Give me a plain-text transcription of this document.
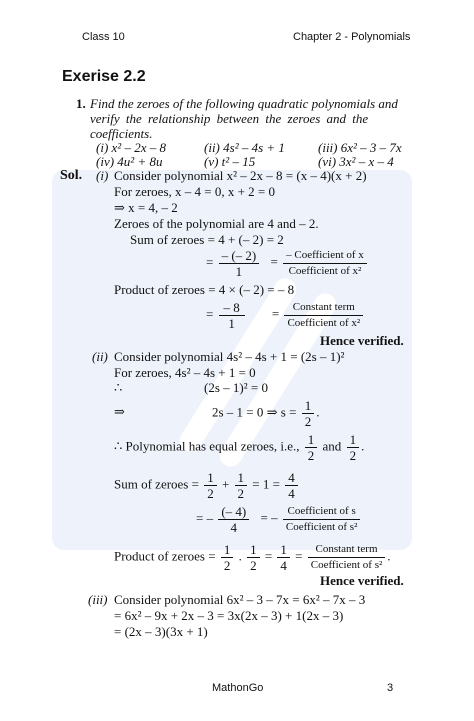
Class 10	Chapter 2 - Polynomials
Exerise 2.2
1. Find the zeroes of the following quadratic polynomials and
verify the relationship between the zeroes and the
coefficients.
(i) x² – 2x – 8	(ii) 4s² – 4s + 1	(iii) 6x² – 3 – 7x
(iv) 4u² + 8u	(v) t² – 15	(vi) 3x² – x – 4
Sol. (i) Consider polynomial x² – 2x – 8 = (x – 4)(x + 2)
For zeroes, x – 4 = 0, x + 2 = 0
⇒ x = 4, – 2
Zeroes of the polynomial are 4 and – 2.
Sum of zeroes = 4 + (– 2) = 2
= $\frac{- (- 2)}{1} = \frac{\text{– Coefficient of x}}{\text{Coefficient of x²}}$
Product of zeroes = 4 × (– 2) = – 8
= $\frac{- 8}{1} = \frac{\text{Constant term}}{\text{Coefficient of x²}}$
Hence verified.
(ii) Consider polynomial 4s² – 4s + 1 = (2s – 1)²
For zeroes, 4s² – 4s + 1 = 0
∴	(2s – 1)² = 0
⇒	2s – 1 = 0 ⇒ $s = \frac{1}{2}$ .
∴ Polynomial has equal zeroes, i.e., $\frac{1}{2}$ and $\frac{1}{2}$ .
Sum of zeroes = $\frac{1}{2} + \frac{1}{2} = 1 = \frac{4}{4}$
= – $\frac{(- 4)}{4}$ = – $\frac{\text{Coefficient of s}}{\text{Coefficient of s²}}$
Product of zeroes = $\frac{1}{2}$ . $\frac{1}{2} = \frac{1}{4} = \frac{\text{Constant term}}{\text{Coefficient of s²}}$ .
Hence verified.
(iii) Consider polynomial 6x² – 3 – 7x = 6x² – 7x – 3
= 6x² – 9x + 2x – 3 = 3x(2x – 3) + 1(2x – 3)
= (2x – 3)(3x + 1)
MathonGo	3
